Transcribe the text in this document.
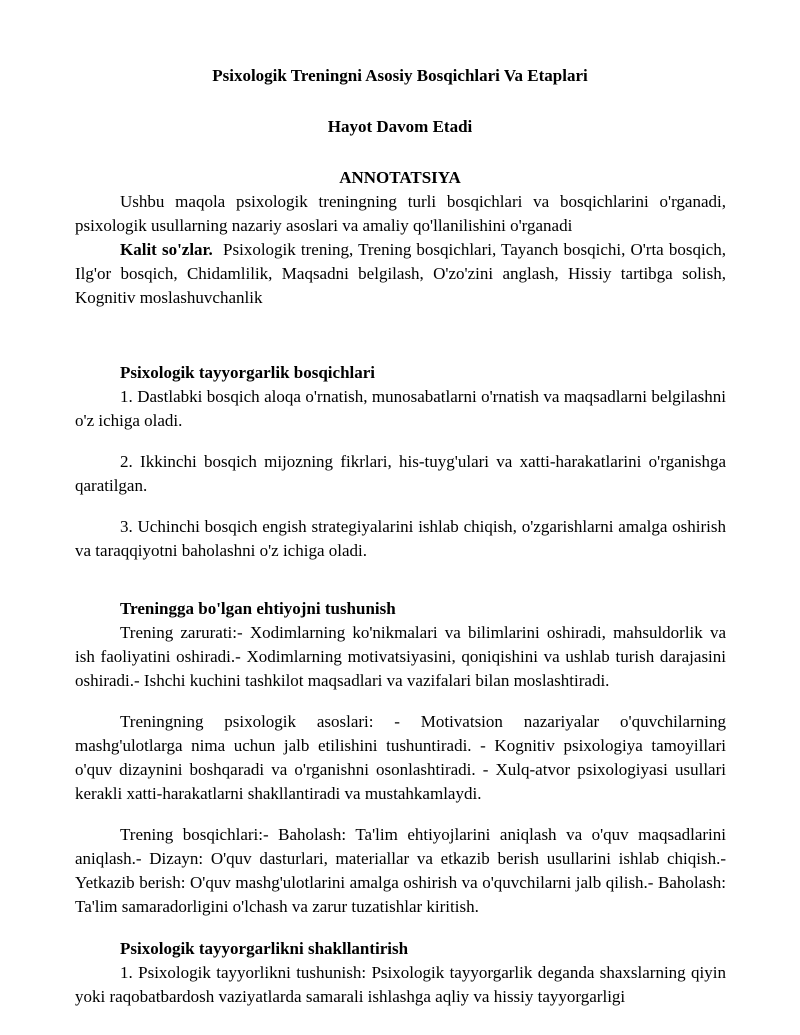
Psixologik Treningni Asosiy Bosqichlari Va Etaplari
Hayot Davom Etadi
ANNOTATSIYA

Ushbu maqola psixologik treningning turli bosqichlari va bosqichlarini o'rganadi, psixologik usullarning nazariy asoslari va amaliy qo'llanilishini o'rganadi

Kalit so'zlar. Psixologik trening, Trening bosqichlari, Tayanch bosqichi, O'rta bosqich, Ilg'or bosqich, Chidamlilik, Maqsadni belgilash, O'zo'zini anglash, Hissiy tartibga solish, Kognitiv moslashuvchanlik

Psixologik tayyorgarlik bosqichlari

1. Dastlabki bosqich aloqa o'rnatish, munosabatlarni o'rnatish va maqsadlarni belgilashni o'z ichiga oladi.

2. Ikkinchi bosqich mijozning fikrlari, his-tuyg'ulari va xatti-harakatlarini o'rganishga qaratilgan.

3. Uchinchi bosqich engish strategiyalarini ishlab chiqish, o'zgarishlarni amalga oshirish va taraqqiyotni baholashni o'z ichiga oladi.

Treningga bo'lgan ehtiyojni tushunish

Trening zarurati:- Xodimlarning ko'nikmalari va bilimlarini oshiradi, mahsuldorlik va ish faoliyatini oshiradi.- Xodimlarning motivatsiyasini, qoniqishini va ushlab turish darajasini oshiradi.- Ishchi kuchini tashkilot maqsadlari va vazifalari bilan moslashtiradi.

Treningning psixologik asoslari: - Motivatsion nazariyalar o'quvchilarning mashg'ulotlarga nima uchun jalb etilishini tushuntiradi. - Kognitiv psixologiya tamoyillari o'quv dizaynini boshqaradi va o'rganishni osonlashtiradi. - Xulq-atvor psixologiyasi usullari kerakli xatti-harakatlarni shakllantiradi va mustahkamlaydi.

Trening bosqichlari:- Baholash: Ta'lim ehtiyojlarini aniqlash va o'quv maqsadlarini aniqlash.- Dizayn: O'quv dasturlari, materiallar va etkazib berish usullarini ishlab chiqish.- Yetkazib berish: O'quv mashg'ulotlarini amalga oshirish va o'quvchilarni jalb qilish.- Baholash: Ta'lim samaradorligini o'lchash va zarur tuzatishlar kiritish.

Psixologik tayyorgarlikni shakllantirish

1. Psixologik tayyorlikni tushunish: Psixologik tayyorgarlik deganda shaxslarning qiyin yoki raqobatbardosh vaziyatlarda samarali ishlashga aqliy va hissiy tayyorgarligi
